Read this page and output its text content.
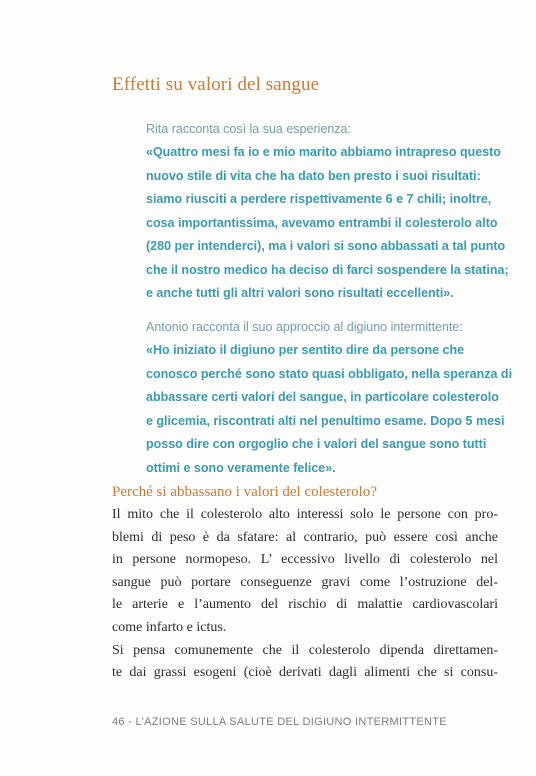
Effetti su valori del sangue

Rita racconta così la sua esperienza:

«Quattro mesi fa io e mio marito abbiamo intrapreso questo

nuovo stile di vita che ha dato ben presto i suoi risultati:

siamo riusciti a perdere rispettivamente 6 e 7 chili; inoltre,

cosa importantissima, avevamo entrambi il colesterolo alto

(280 per intenderci), ma i valori si sono abbassati a tal punto

che il nostro medico ha deciso di farci sospendere la statina;

e anche tutti gli altri valori sono risultati eccellenti».

Antonio racconta il suo approccio al digiuno intermittente:

«Ho iniziato il digiuno per sentito dire da persone che

conosco perché sono stato quasi obbligato, nella speranza di

abbassare certi valori del sangue, in particolare colesterolo

e glicemia, riscontrati alti nel penultimo esame. Dopo 5 mesi

posso dire con orgoglio che i valori del sangue sono tutti

ottimi e sono veramente felice».

Perché si abbassano i valori del colesterolo?

Il mito che il colesterolo alto interessi solo le persone con pro-

blemi di peso è da sfatare: al contrario, può essere così anche

in persone normopeso. L’ eccessivo livello di colesterolo nel

sangue può portare conseguenze gravi come l’ostruzione del-

le arterie e l’aumento del rischio di malattie cardiovascolari

come infarto e ictus.

Si pensa comunemente che il colesterolo dipenda direttamen-

te dai grassi esogeni (cioè derivati dagli alimenti che si consu-

46 - L’AZIONE SULLA SALUTE DEL DIGIUNO INTERMITTENTE
